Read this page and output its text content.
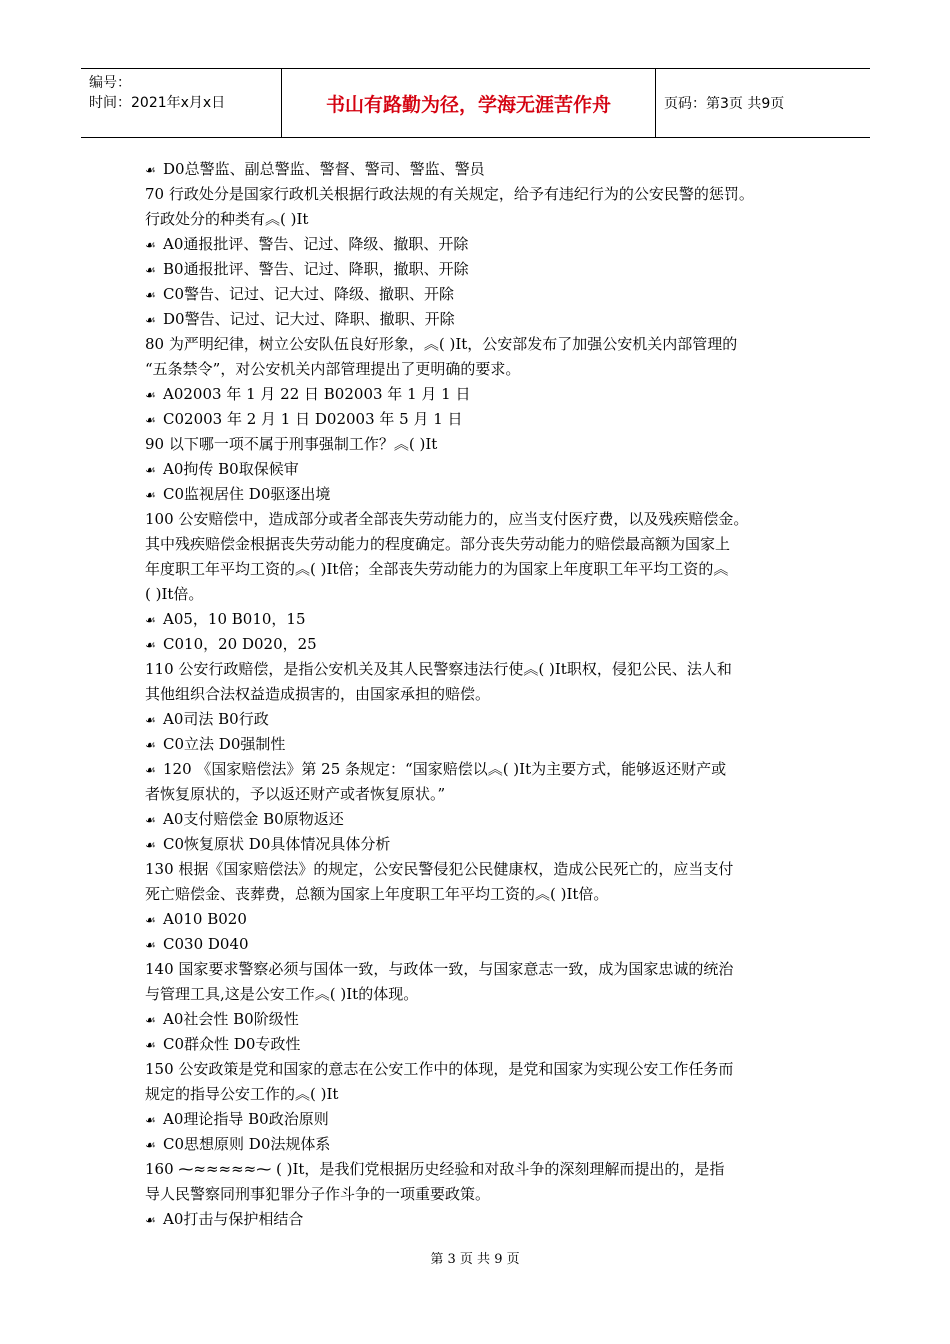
编号：
时间：2021年x月x日	书山有路勤为径，学海无涯苦作舟	页码：第3页 共9页
☙ D0总警监、副总警监、警督、警司、警监、警员
70 行政处分是国家行政机关根据行政法规的有关规定，给予有违纪行为的公安民警的惩罚。
行政处分的种类有︽( )Ⅰt
☙ A0通报批评、警告、记过、降级、撤职、开除
☙ B0通报批评、警告、记过、降职，撤职、开除
☙ C0警告、记过、记大过、降级、撤职、开除
☙ D0警告、记过、记大过、降职、撤职、开除
80 为严明纪律，树立公安队伍良好形象，︽( )Ⅰt，公安部发布了加强公安机关内部管理的
“五条禁令”，对公安机关内部管理提出了更明确的要求。
☙ A02003 年 1 月 22 日 B02003 年 1 月 1 日
☙ C02003 年 2 月 1 日 D02003 年 5 月 1 日
90 以下哪一项不属于刑事强制工作？︽( )Ⅰt
☙ A0拘传 B0取保候审
☙ C0监视居住 D0驱逐出境
100 公安赔偿中，造成部分或者全部丧失劳动能力的，应当支付医疗费，以及残疾赔偿金。
其中残疾赔偿金根据丧失劳动能力的程度确定。部分丧失劳动能力的赔偿最高额为国家上
年度职工年平均工资的︽( )Ⅰt倍；全部丧失劳动能力的为国家上年度职工年平均工资的︽
( )Ⅰt倍。
☙ A05，10 B010，15
☙ C010，20 D020，25
110 公安行政赔偿，是指公安机关及其人民警察违法行使︽( )Ⅰt职权，侵犯公民、法人和
其他组织合法权益造成损害的，由国家承担的赔偿。
☙ A0司法 B0行政
☙ C0立法 D0强制性
☙ 120 《国家赔偿法》第 25 条规定：“国家赔偿以︽( )Ⅰt为主要方式，能够返还财产或
者恢复原状的，予以返还财产或者恢复原状。”
☙ A0支付赔偿金 B0原物返还
☙ C0恢复原状 D0具体情况具体分析
130 根据《国家赔偿法》的规定，公安民警侵犯公民健康权，造成公民死亡的，应当支付
死亡赔偿金、丧葬费，总额为国家上年度职工年平均工资的︽( )Ⅰt倍。
☙ A010 B020
☙ C030 D040
140 国家要求警察必须与国体一致，与政体一致，与国家意志一致，成为国家忠诚的统治
与管理工具,这是公安工作︽( )Ⅰt的体现。
☙ A0社会性 B0阶级性
☙ C0群众性 D0专政性
150 公安政策是党和国家的意志在公安工作中的体现，是党和国家为实现公安工作任务而
规定的指导公安工作的︽( )Ⅰt
☙ A0理论指导 B0政治原则
☙ C0思想原则 D0法规体系
160 ⁓≈≈≈≈≈⁓ ( )Ⅰt，是我们党根据历史经验和对敌斗争的深刻理解而提出的，是指
导人民警察同刑事犯罪分子作斗争的一项重要政策。
☙ A0打击与保护相结合
第 3 页 共 9 页
